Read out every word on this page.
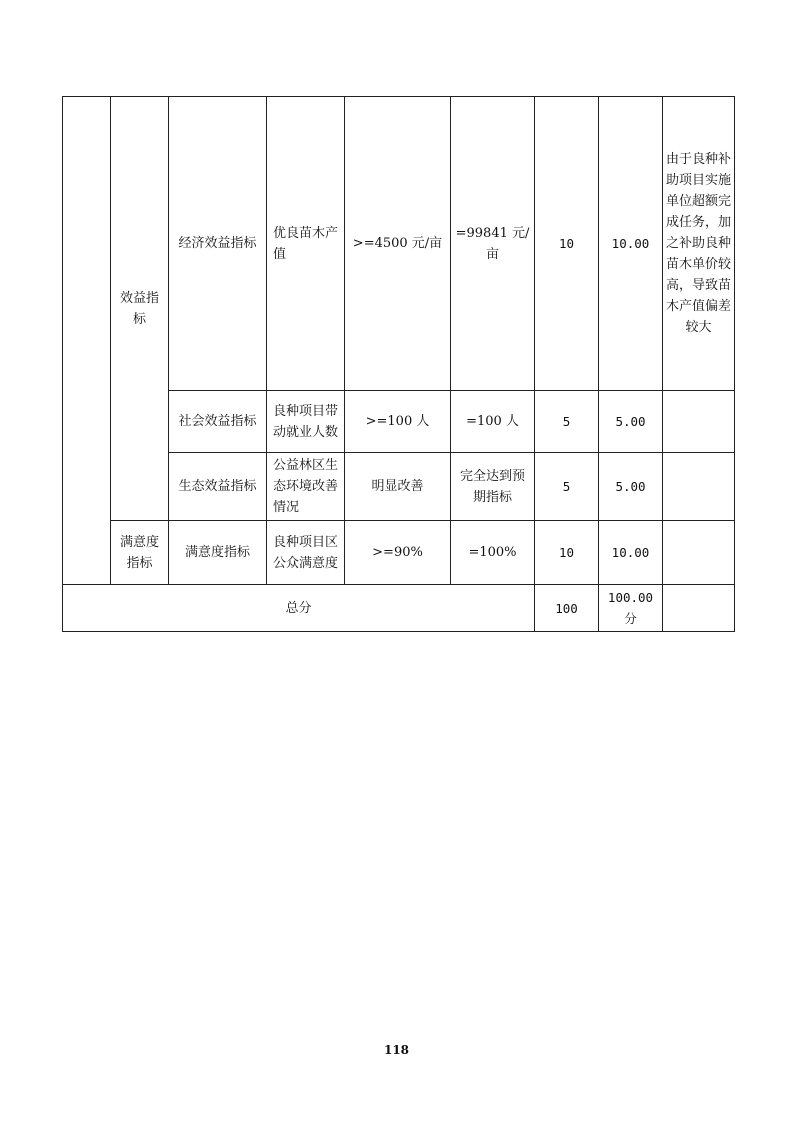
	效益指标	经济效益指标	优良苗木产值	>=4500 元/亩	=99841 元/亩	10	10.00	由于良种补助项目实施单位超额完成任务，加之补助良种苗木单价较高，导致苗木产值偏差较大
		社会效益指标	良种项目带动就业人数	>=100 人	=100 人	5	5.00	
		生态效益指标	公益林区生态环境改善情况	明显改善	完全达到预期指标	5	5.00	
	满意度指标	满意度指标	良种项目区公众满意度	>=90%	=100%	10	10.00	
总分						100	100.00分	
118
